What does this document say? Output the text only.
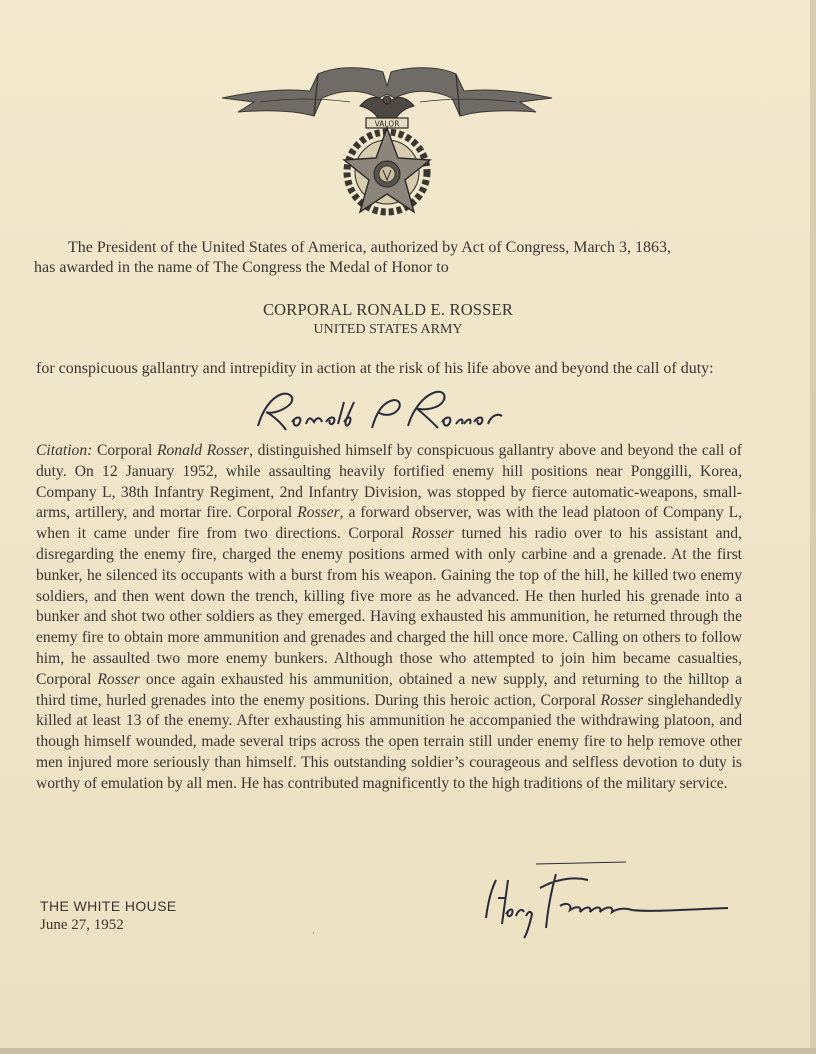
VALOR
The President of the United States of America, authorized by Act of Congress, March 3, 1863,
has awarded in the name of The Congress the Medal of Honor to
CORPORAL RONALD E. ROSSER
UNITED STATES ARMY
for conspicuous gallantry and intrepidity in action at the risk of his life above and beyond the call of duty:
Citation: Corporal Ronald Rosser, distinguished himself by conspicuous gallantry above and beyond the call of duty. On 12 January 1952, while assaulting heavily fortified enemy hill positions near Ponggilli, Korea, Company L, 38th Infantry Regiment, 2nd Infantry Division, was stopped by fierce automatic-weapons, small-arms, artillery, and mortar fire. Corporal Rosser, a forward observer, was with the lead platoon of Company L, when it came under fire from two directions. Corporal Rosser turned his radio over to his assistant and, disregarding the enemy fire, charged the enemy positions armed with only carbine and a grenade. At the first bunker, he silenced its occupants with a burst from his weapon. Gaining the top of the hill, he killed two enemy soldiers, and then went down the trench, killing five more as he advanced. He then hurled his grenade into a bunker and shot two other soldiers as they emerged. Having exhausted his ammunition, he returned through the enemy fire to obtain more ammunition and grenades and charged the hill once more. Calling on others to follow him, he assaulted two more enemy bunkers. Although those who attempted to join him became casualties, Corporal Rosser once again exhausted his ammunition, obtained a new supply, and returning to the hilltop a third time, hurled grenades into the enemy positions. During this heroic action, Corporal Rosser singlehandedly killed at least 13 of the enemy. After exhausting his ammunition he accompanied the withdrawing platoon, and though himself wounded, made several trips across the open terrain still under enemy fire to help remove other men injured more seriously than himself. This outstanding soldier’s courageous and selfless devotion to duty is worthy of emulation by all men. He has contributed magnificently to the high traditions of the military service.
THE WHITE HOUSE
June 27, 1952
·
